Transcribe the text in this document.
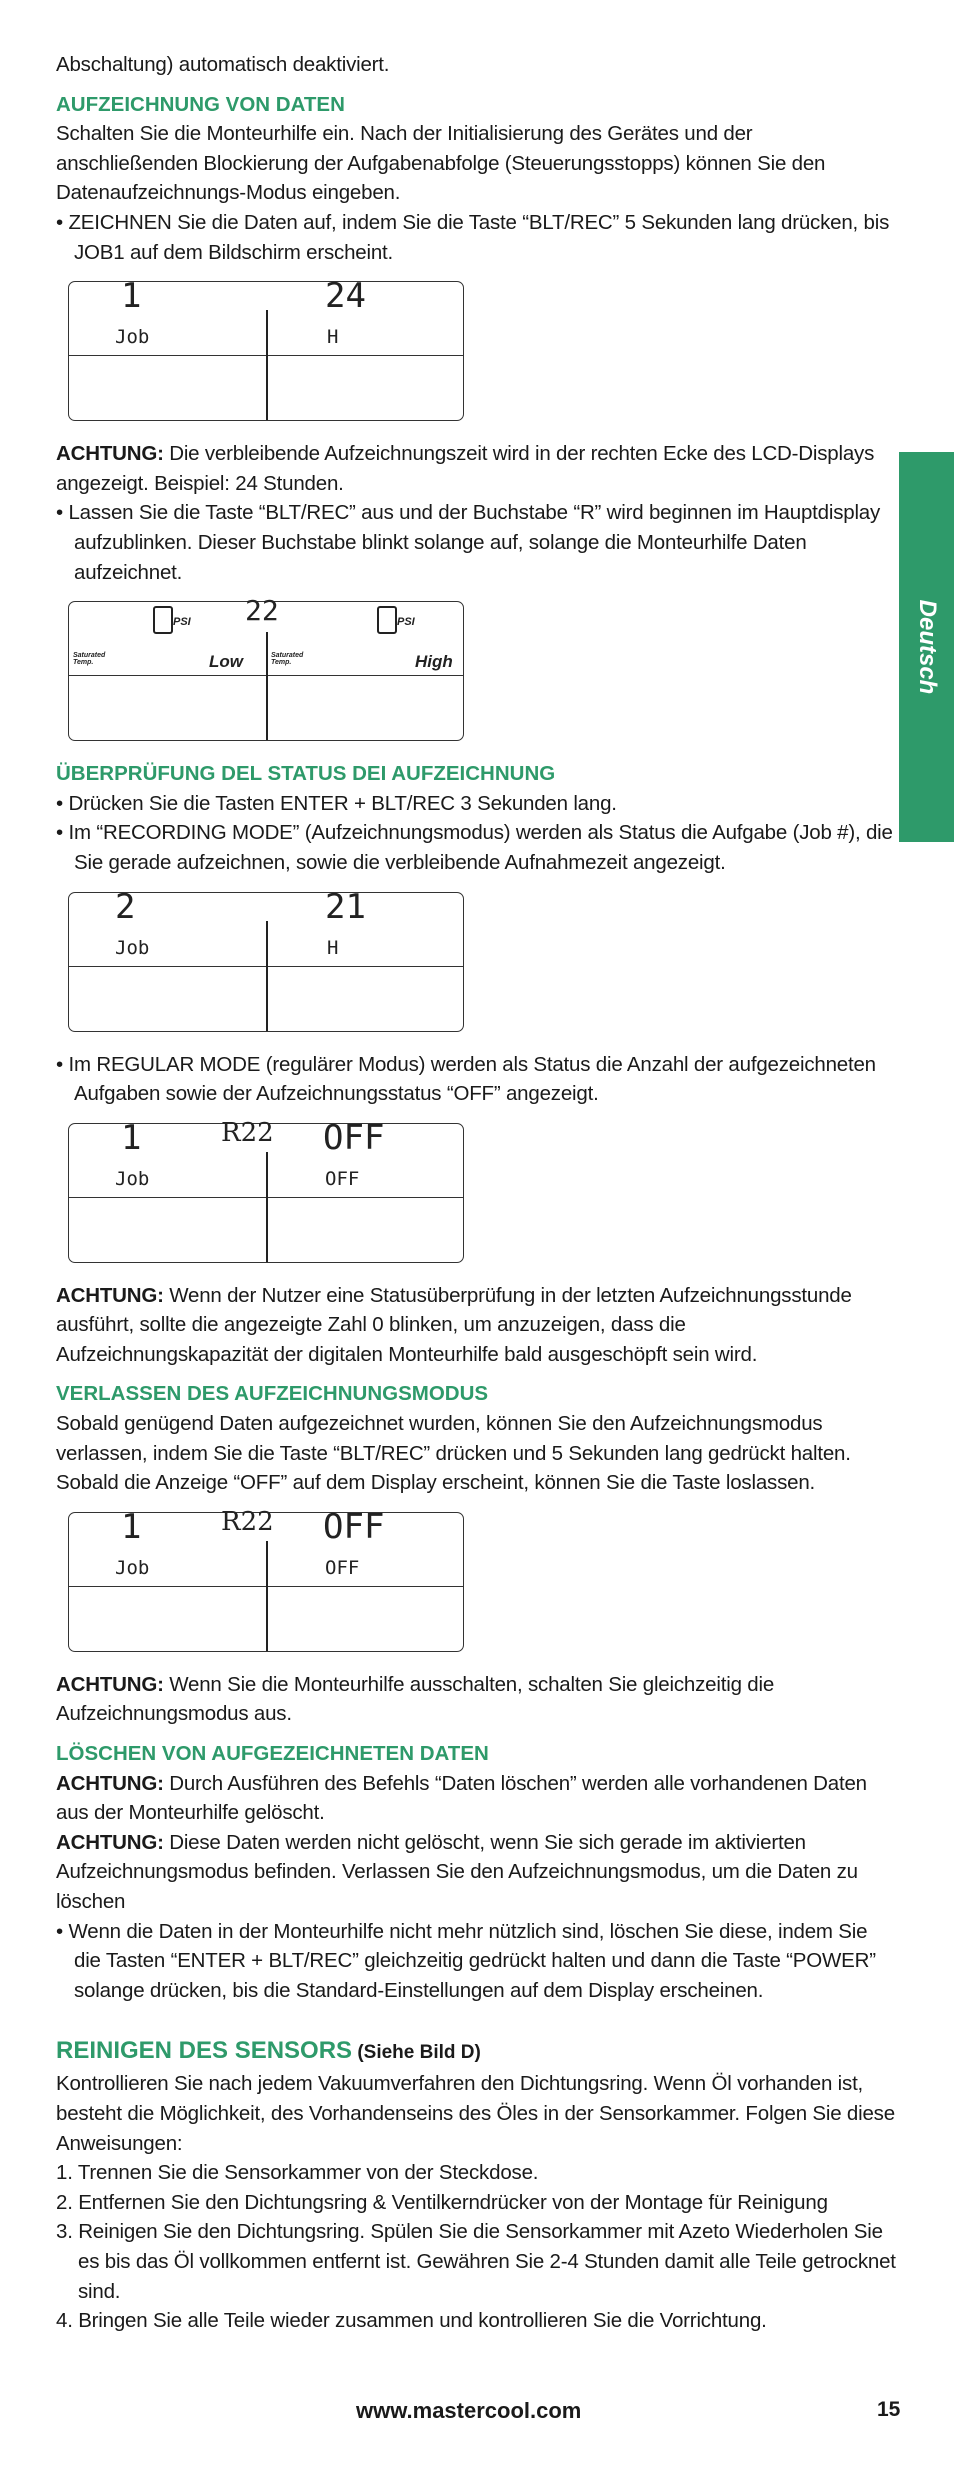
Deutsch

Abschaltung) automatisch deaktiviert.

AUFZEICHNUNG VON DATEN

Schalten Sie die Monteurhilfe ein. Nach der Initialisierung des Gerätes und der anschließenden Blockierung der Aufgabenabfolge (Steuerungsstopps) können Sie den Datenaufzeichnungs-Modus eingeben.

• ZEICHNEN Sie die Daten auf, indem Sie die Taste “BLT/REC” 5 Sekunden lang drücken, bis JOB1 auf dem Bildschirm erscheint.

1
Job
24
H

ACHTUNG: Die verbleibende Aufzeichnungszeit wird in der rechten Ecke des LCD-Displays angezeigt. Beispiel: 24 Stunden.

• Lassen Sie die Taste “BLT/REC” aus und der Buchstabe “R” wird beginnen im Hauptdisplay aufzublinken. Dieser Buchstabe blinkt solange auf, solange die Monteurhilfe Daten aufzeichnet.

PSI 22	PSI
Saturated
Temp.	Low	Saturated
Temp.	High
ÜBERPRÜFUNG DEL STATUS DEI AUFZEICHNUNG

• Drücken Sie die Tasten ENTER + BLT/REC 3 Sekunden lang.

• Im “RECORDING MODE” (Aufzeichnungsmodus) werden als Status die Aufgabe (Job #), die Sie gerade aufzeichnen, sowie die verbleibende Aufnahmezeit angezeigt.

2
Job
21
H

• Im REGULAR MODE (regulärer Modus) werden als Status die Anzahl der aufgezeichneten Aufgaben sowie der Aufzeichnungsstatus “OFF” angezeigt.

1
Job
R22 OFF
OFF

ACHTUNG: Wenn der Nutzer eine Statusüberprüfung in der letzten Aufzeichnungsstunde ausführt, sollte die angezeigte Zahl 0 blinken, um anzuzeigen, dass die Aufzeichnungskapazität der digitalen Monteurhilfe bald ausgeschöpft sein wird.

VERLASSEN DES AUFZEICHNUNGSMODUS

Sobald genügend Daten aufgezeichnet wurden, können Sie den Aufzeichnungsmodus verlassen, indem Sie die Taste “BLT/REC” drücken und 5 Sekunden lang gedrückt halten. Sobald die Anzeige “OFF” auf dem Display erscheint, können Sie die Taste loslassen.

1
Job
R22 OFF
OFF

ACHTUNG: Wenn Sie die Monteurhilfe ausschalten, schalten Sie gleichzeitig die Aufzeichnungsmodus aus.

LÖSCHEN VON AUFGEZEICHNETEN DATEN

ACHTUNG: Durch Ausführen des Befehls “Daten löschen” werden alle vorhandenen Daten aus der Monteurhilfe gelöscht.

ACHTUNG: Diese Daten werden nicht gelöscht, wenn Sie sich gerade im aktivierten Aufzeichnungsmodus befinden. Verlassen Sie den Aufzeichnungsmodus, um die Daten zu löschen

• Wenn die Daten in der Monteurhilfe nicht mehr nützlich sind, löschen Sie diese, indem Sie die Tasten “ENTER + BLT/REC” gleichzeitig gedrückt halten und dann die Taste “POWER” solange drücken, bis die Standard-Einstellungen auf dem Display erscheinen.

REINIGEN DES SENSORS (Siehe Bild D)

Kontrollieren Sie nach jedem Vakuumverfahren den Dichtungsring. Wenn Öl vorhanden ist, besteht die Möglichkeit, des Vorhandenseins des Öles in der Sensorkammer. Folgen Sie diese Anweisungen:

1. Trennen Sie die Sensorkammer von der Steckdose.

2. Entfernen Sie den Dichtungsring & Ventilkerndrücker von der Montage für Reinigung

3. Reinigen Sie den Dichtungsring. Spülen Sie die Sensorkammer mit Azeto Wiederholen Sie es bis das Öl vollkommen entfernt ist. Gewähren Sie 2-4 Stunden damit alle Teile getrocknet sind.

4. Bringen Sie alle Teile wieder zusammen und kontrollieren Sie die Vorrichtung.

www.mastercool.com	15
